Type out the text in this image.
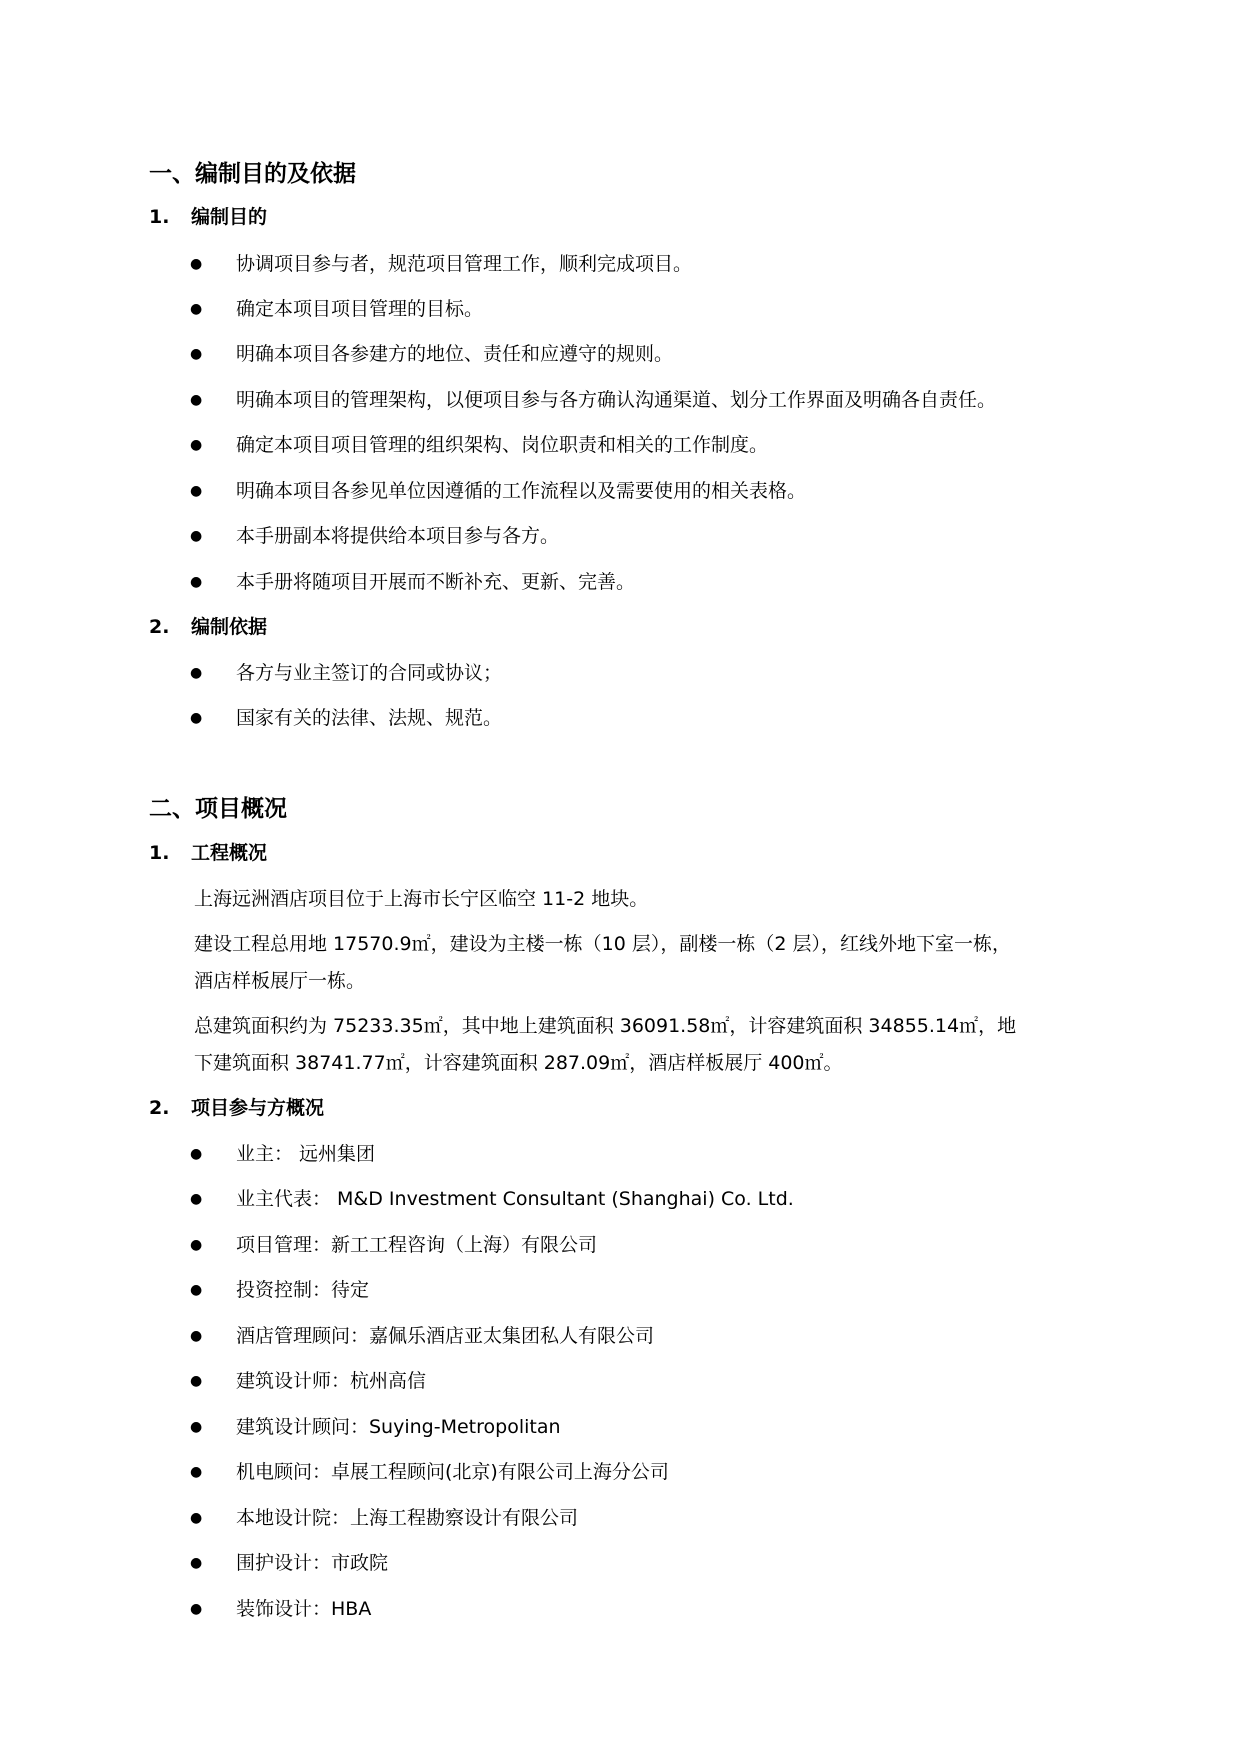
一、编制目的及依据
1. 编制目的
● 协调项目参与者，规范项目管理工作，顺利完成项目。
● 确定本项目项目管理的目标。
● 明确本项目各参建方的地位、责任和应遵守的规则。
● 明确本项目的管理架构，以便项目参与各方确认沟通渠道、划分工作界面及明确各自责任。
● 确定本项目项目管理的组织架构、岗位职责和相关的工作制度。
● 明确本项目各参见单位因遵循的工作流程以及需要使用的相关表格。
● 本手册副本将提供给本项目参与各方。
● 本手册将随项目开展而不断补充、更新、完善。
2. 编制依据
● 各方与业主签订的合同或协议；
● 国家有关的法律、法规、规范。
二、项目概况
1. 工程概况
上海远洲酒店项目位于上海市长宁区临空 11-2 地块。
建设工程总用地 17570.9㎡，建设为主楼一栋（10 层），副楼一栋（2 层），红线外地下室一栋，
酒店样板展厅一栋。
总建筑面积约为 75233.35㎡，其中地上建筑面积 36091.58㎡，计容建筑面积 34855.14㎡，地
下建筑面积 38741.77㎡，计容建筑面积 287.09㎡，酒店样板展厅 400㎡。
2. 项目参与方概况
● 业主： 远州集团
● 业主代表： M&D Investment Consultant (Shanghai) Co. Ltd.
● 项目管理：新工工程咨询（上海）有限公司
● 投资控制：待定
● 酒店管理顾问：嘉佩乐酒店亚太集团私人有限公司
● 建筑设计师：杭州高信
● 建筑设计顾问：Suying-Metropolitan
● 机电顾问：卓展工程顾问(北京)有限公司上海分公司
● 本地设计院：上海工程勘察设计有限公司
● 围护设计：市政院
● 装饰设计：HBA
